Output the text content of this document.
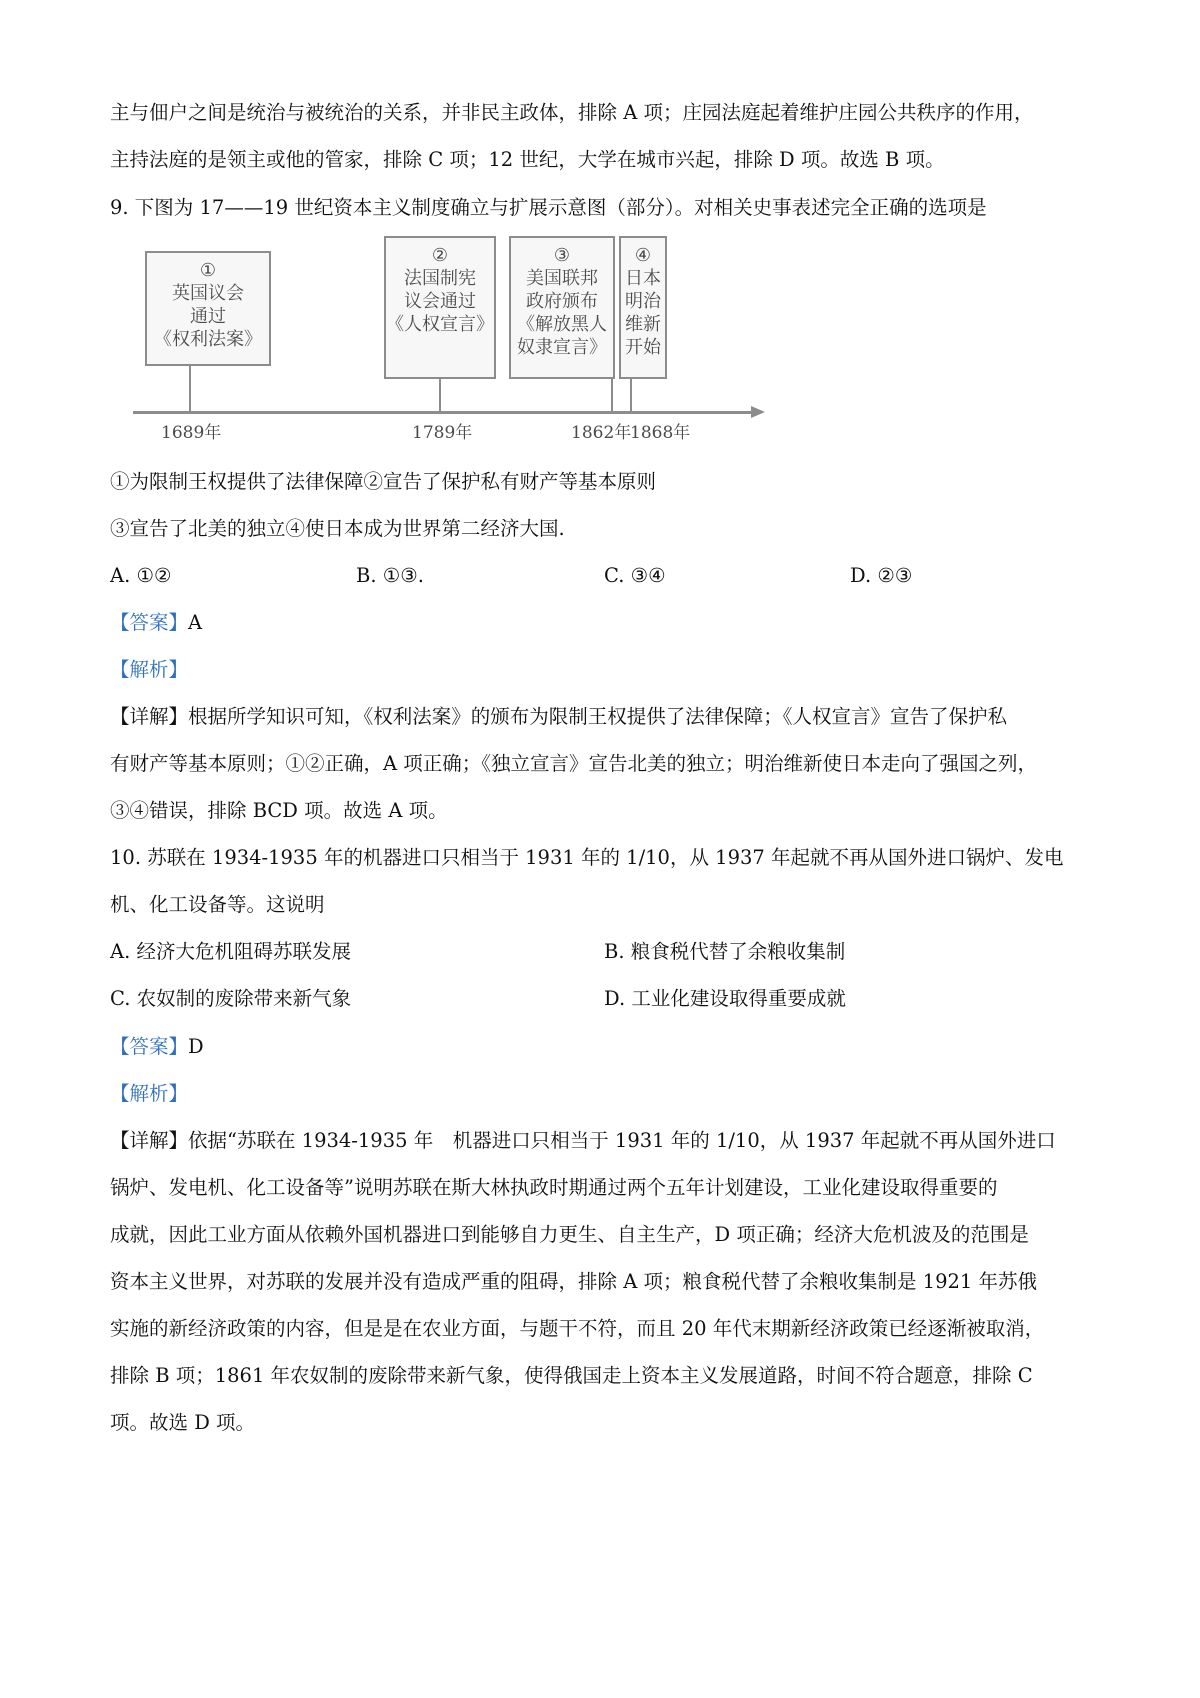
主与佃户之间是统治与被统治的关系，并非民主政体，排除 A 项；庄园法庭起着维护庄园公共秩序的作用，
主持法庭的是领主或他的管家，排除 C 项；12 世纪，大学在城市兴起，排除 D 项。故选 B 项。
9. 下图为 17——19 世纪资本主义制度确立与扩展示意图（部分）。对相关史事表述完全正确的选项是
①
英国议会
通过
《权利法案》
②
法国制宪
议会通过
《人权宣言》
③
美国联邦
政府颁布
《解放黑人
奴隶宣言》
④
日本
明治
维新
开始
1689年	1789年	1862年
1868年
①为限制王权提供了法律保障②宣告了保护私有财产等基本原则
③宣告了北美的独立④使日本成为世界第二经济大国.
A. ①②	B. ①③.	C. ③④	D. ②③
【答案】A
【解析】
【详解】根据所学知识可知，《权利法案》的颁布为限制王权提供了法律保障；《人权宣言》宣告了保护私
有财产等基本原则；①②正确，A 项正确；《独立宣言》宣告北美的独立；明治维新使日本走向了强国之列，
③④错误，排除 BCD 项。故选 A 项。
10. 苏联在 1934-1935 年的机器进口只相当于 1931 年的 1/10，从 1937 年起就不再从国外进口锅炉、发电
机、化工设备等。这说明
A. 经济大危机阻碍苏联发展	B. 粮食税代替了余粮收集制
C. 农奴制的废除带来新气象	D. 工业化建设取得重要成就
【答案】D
【解析】
【详解】依据“苏联在 1934-1935 年　机器进口只相当于 1931 年的 1/10，从 1937 年起就不再从国外进口
锅炉、发电机、化工设备等”说明苏联在斯大林执政时期通过两个五年计划建设，工业化建设取得重要的
成就，因此工业方面从依赖外国机器进口到能够自力更生、自主生产，D 项正确；经济大危机波及的范围是
资本主义世界，对苏联的发展并没有造成严重的阻碍，排除 A 项；粮食税代替了余粮收集制是 1921 年苏俄
实施的新经济政策的内容，但是是在农业方面，与题干不符，而且 20 年代末期新经济政策已经逐渐被取消，
排除 B 项；1861 年农奴制的废除带来新气象，使得俄国走上资本主义发展道路，时间不符合题意，排除 C
项。故选 D 项。
